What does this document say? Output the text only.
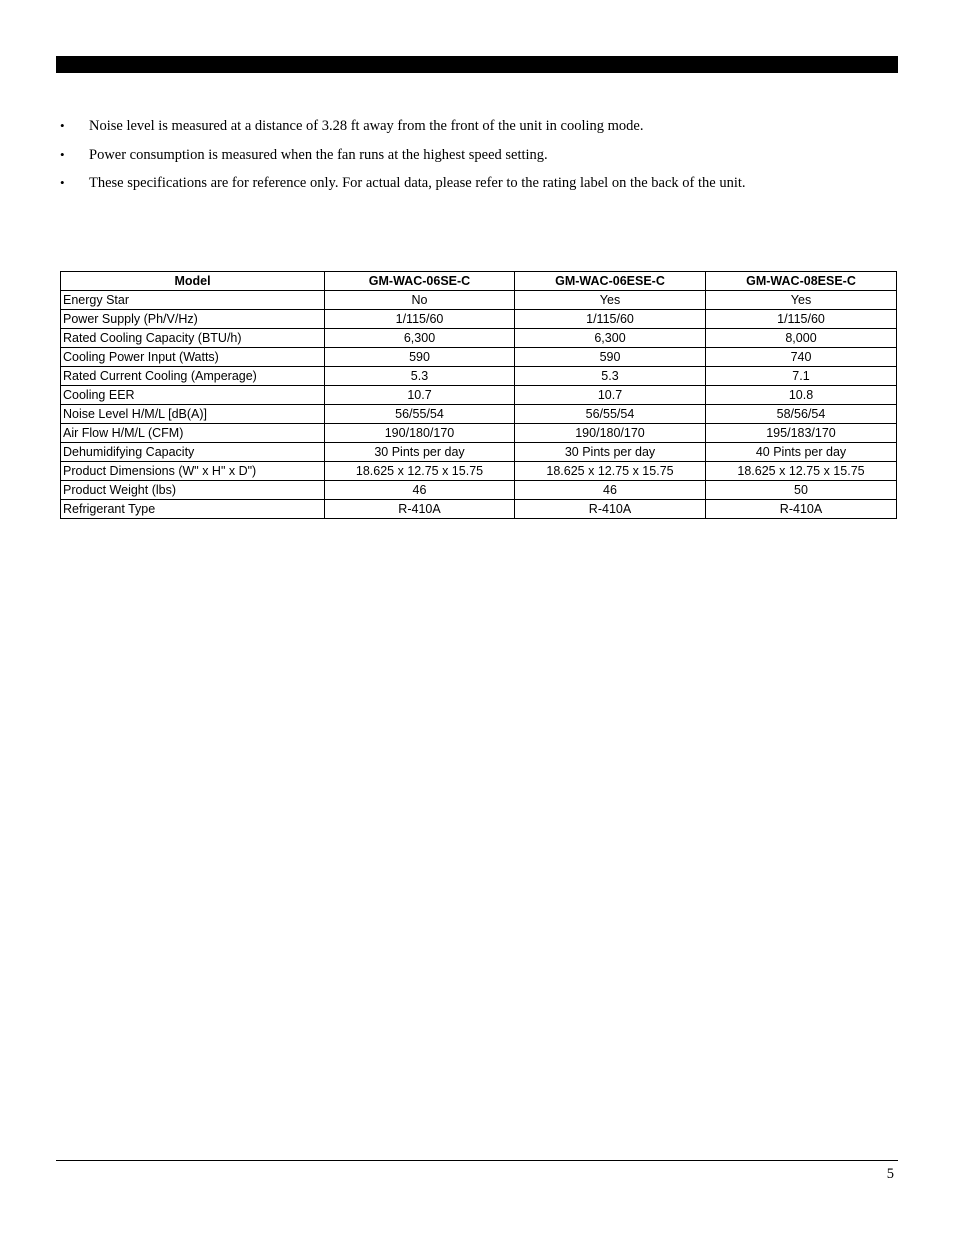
• Noise level is measured at a distance of 3.28 ft away from the front of the unit in cooling mode.
• Power consumption is measured when the fan runs at the highest speed setting.
• These specifications are for reference only. For actual data, please refer to the rating label on the back of the unit.
Model	GM-WAC-06SE-C	GM-WAC-06ESE-C	GM-WAC-08ESE-C
Energy Star	No	Yes	Yes
Power Supply (Ph/V/Hz)	1/115/60	1/115/60	1/115/60
Rated Cooling Capacity (BTU/h)	6,300	6,300	8,000
Cooling Power Input (Watts)	590	590	740
Rated Current Cooling (Amperage)	5.3	5.3	7.1
Cooling EER	10.7	10.7	10.8
Noise Level H/M/L [dB(A)]	56/55/54	56/55/54	58/56/54
Air Flow H/M/L (CFM)	190/180/170	190/180/170	195/183/170
Dehumidifying Capacity	30 Pints per day	30 Pints per day	40 Pints per day
Product Dimensions (W" x H" x D")	18.625 x 12.75 x 15.75	18.625 x 12.75 x 15.75	18.625 x 12.75 x 15.75
Product Weight (lbs)	46	46	50
Refrigerant Type	R-410A	R-410A	R-410A
5
